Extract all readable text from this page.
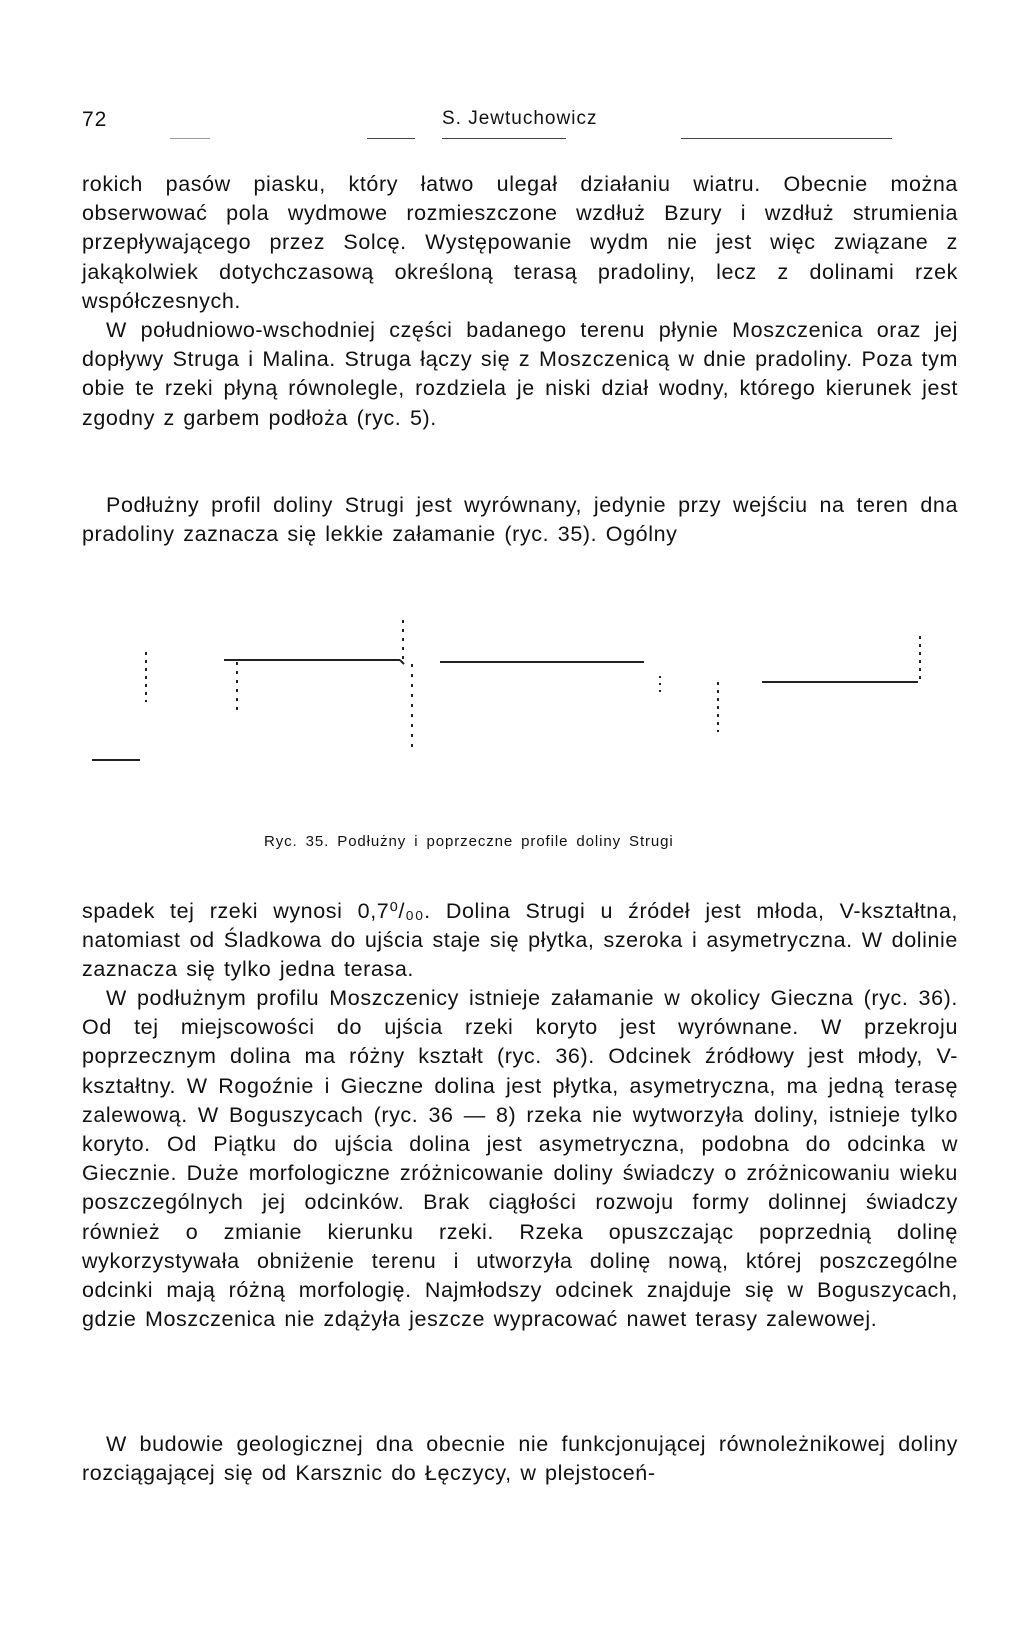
72	S. Jewtuchowicz

rokich pasów piasku, który łatwo ulegał działaniu wiatru. Obecnie można obserwować pola wydmowe rozmieszczone wzdłuż Bzury i wzdłuż strumienia przepływającego przez Solcę. Występowanie wydm nie jest więc związane z jakąkolwiek dotychczasową określoną terasą pradoliny, lecz z dolinami rzek współczesnych.

W południowo-wschodniej części badanego terenu płynie Moszczenica oraz jej dopływy Struga i Malina. Struga łączy się z Moszczenicą w dnie pradoliny. Poza tym obie te rzeki płyną równolegle, rozdziela je niski dział wodny, którego kierunek jest zgodny z garbem podłoża (ryc. 5).

Podłużny profil doliny Strugi jest wyrównany, jedynie przy wejściu na teren dna pradoliny zaznacza się lekkie załamanie (ryc. 35). Ogólny

Ryc. 35. Podłużny i poprzeczne profile doliny Strugi

spadek tej rzeki wynosi 0,7⁰/₀₀. Dolina Strugi u źródeł jest młoda, V-kształtna, natomiast od Śladkowa do ujścia staje się płytka, szeroka i asymetryczna. W dolinie zaznacza się tylko jedna terasa.

W podłużnym profilu Moszczenicy istnieje załamanie w okolicy Gieczna (ryc. 36). Od tej miejscowości do ujścia rzeki koryto jest wyrównane. W przekroju poprzecznym dolina ma różny kształt (ryc. 36). Odcinek źródłowy jest młody, V-kształtny. W Rogoźnie i Gieczne dolina jest płytka, asymetryczna, ma jedną terasę zalewową. W Boguszycach (ryc. 36 — 8) rzeka nie wytworzyła doliny, istnieje tylko koryto. Od Piątku do ujścia dolina jest asymetryczna, podobna do odcinka w Giecznie. Duże morfologiczne zróżnicowanie doliny świadczy o zróżnicowaniu wieku poszczególnych jej odcinków. Brak ciągłości rozwoju formy dolinnej świadczy również o zmianie kierunku rzeki. Rzeka opuszczając poprzednią dolinę wykorzystywała obniżenie terenu i utworzyła dolinę nową, której poszczególne odcinki mają różną morfologię. Najmłodszy odcinek znajduje się w Boguszycach, gdzie Moszczenica nie zdążyła jeszcze wypracować nawet terasy zalewowej.

W budowie geologicznej dna obecnie nie funkcjonującej równoleżnikowej doliny rozciągającej się od Karsznic do Łęczycy, w plejstoceń-
